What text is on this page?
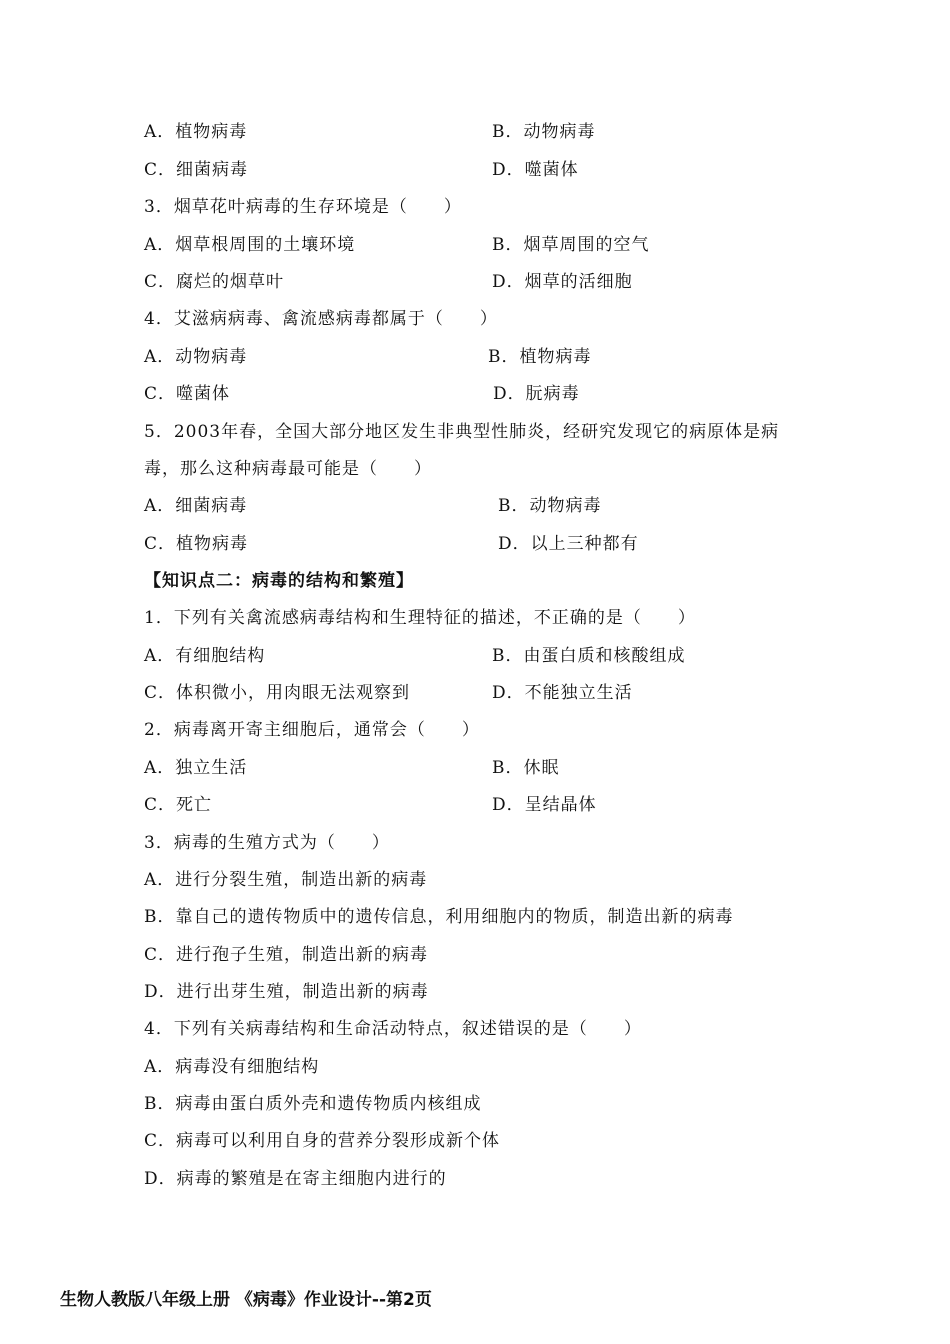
A．植物病毒	B．动物病毒
C．细菌病毒	D．噬菌体
3．烟草花叶病毒的生存环境是（　　）
A．烟草根周围的土壤环境	B．烟草周围的空气
C．腐烂的烟草叶	D．烟草的活细胞
4．艾滋病病毒、禽流感病毒都属于（　　）
A．动物病毒	B．植物病毒
C．噬菌体	D．朊病毒
5．2003年春，全国大部分地区发生非典型性肺炎，经研究发现它的病原体是病
毒，那么这种病毒最可能是（　　）
A．细菌病毒	B．动物病毒
C．植物病毒	D．以上三种都有
【知识点二：病毒的结构和繁殖】
1．下列有关禽流感病毒结构和生理特征的描述，不正确的是（　　）
A．有细胞结构	B．由蛋白质和核酸组成
C．体积微小，用肉眼无法观察到	D．不能独立生活
2．病毒离开寄主细胞后，通常会（　　）
A．独立生活	B．休眠
C．死亡	D．呈结晶体
3．病毒的生殖方式为（　　）
A．进行分裂生殖，制造出新的病毒
B．靠自己的遗传物质中的遗传信息，利用细胞内的物质，制造出新的病毒
C．进行孢子生殖，制造出新的病毒
D．进行出芽生殖，制造出新的病毒
4．下列有关病毒结构和生命活动特点，叙述错误的是（　　）
A．病毒没有细胞结构
B．病毒由蛋白质外壳和遗传物质内核组成
C．病毒可以利用自身的营养分裂形成新个体
D．病毒的繁殖是在寄主细胞内进行的
生物人教版八年级上册 《病毒》作业设计--第2页
